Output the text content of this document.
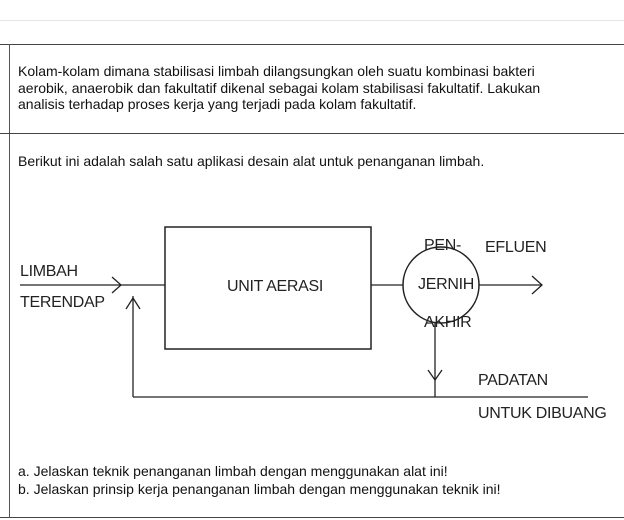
Kolam-kolam dimana stabilisasi limbah dilangsungkan oleh suatu kombinasi bakteri
aerobik, anaerobik dan fakultatif dikenal sebagai kolam stabilisasi fakultatif. Lakukan
analisis terhadap proses kerja yang terjadi pada kolam fakultatif.

Berikut ini adalah salah satu aplikasi desain alat untuk penanganan limbah.

LIMBAH
TERENDAP
UNIT AERASI
PEN-
JERNIH
AKHIR
EFLUEN
PADATAN
UNTUK DIBUANG

a. Jelaskan teknik penanganan limbah dengan menggunakan alat ini!

b. Jelaskan prinsip kerja penanganan limbah dengan menggunakan teknik ini!
